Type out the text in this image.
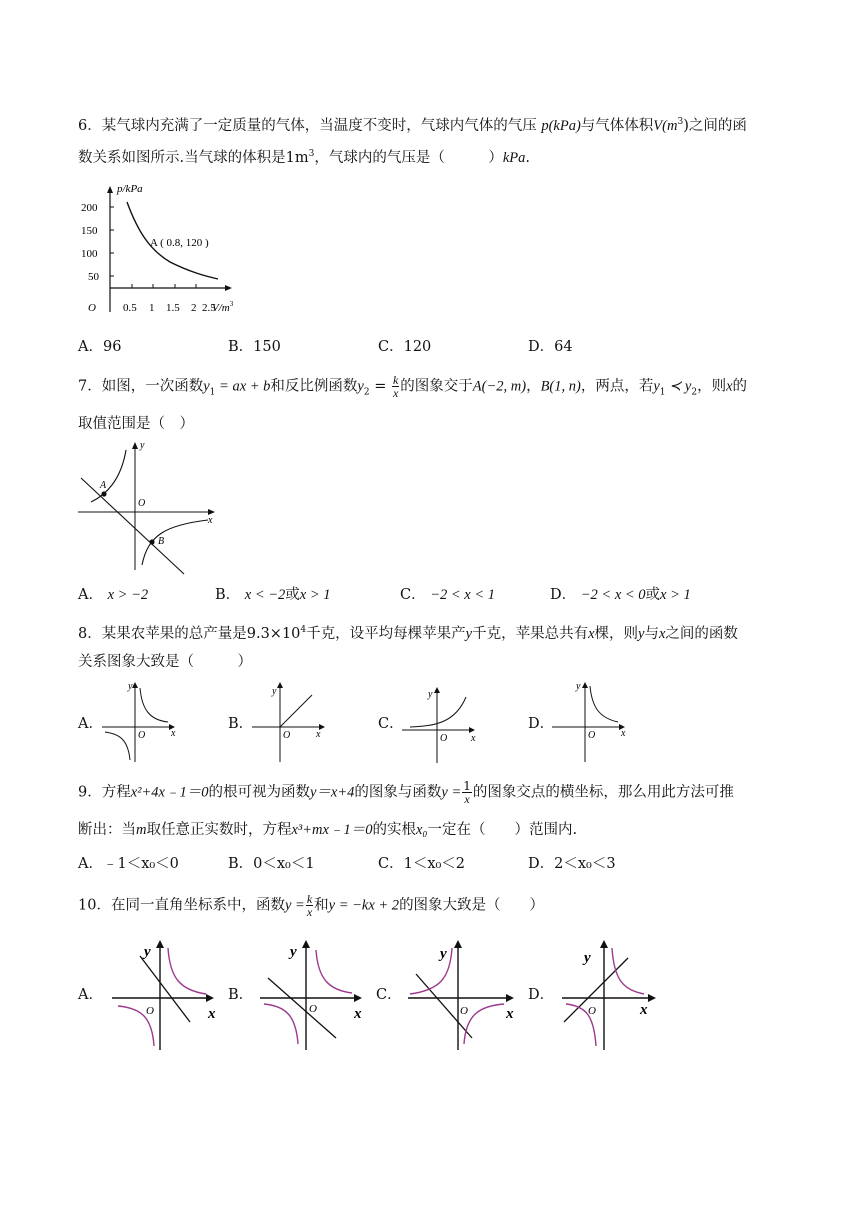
6．某气球内充满了一定质量的气体，当温度不变时，气球内气体的气压 p(kPa)与气体体积$V(m^3)$之间的函
数关系如图所示.当气球的体积是$1m^3$，气球内的气压是（　　　）kPa.
p/kPa
200
150
100
50
O 0.5 1 1.5 2 2.5
$V/m^3$
A ( 0.8, 120 )
A．96	B．150	C．120	D．64
7．如图，一次函数$y_1$ = ax + b和反比例函数$y_2 = \frac{k}{x}$ 的图象交于A(−2, m)，B(1, n)，两点，若$y_1$ ≺ $y_2$，则x的
取值范围是（　）
y
x
O
A
B
A． x > −2	B． x < −2或x > 1	C． −2 < x < 1	D． −2 < x < 0或x > 1
8．某果农苹果的总产量是$9.3\times 10^4$千克，设平均每棵苹果产y千克，苹果总共有x棵，则y与x之间的函数
关系图象大致是（　　　）
A．
y
x
O
B．
y
x
O
C．
y
x
O
D．
y
x
O
9．方程x²+4x﹣1＝0的根可视为函数y＝x+4的图象与函数$y = \frac{1}{x}$ 的图象交点的横坐标，那么用此方法可推
断出：当m取任意正实数时，方程x³+mx﹣1＝0的实根x₀一定在（　　）范围内.
A．﹣1＜x₀＜0	B．0＜x₀＜1	C．1＜x₀＜2	D．2＜x₀＜3
10．在同一直角坐标系中，函数$y = \frac{k}{x}$ 和y = −kx + 2的图象大致是（　　）
A．
y
x
O
B．
y
x
O
C．
y
x
O
D．
y
x
O
